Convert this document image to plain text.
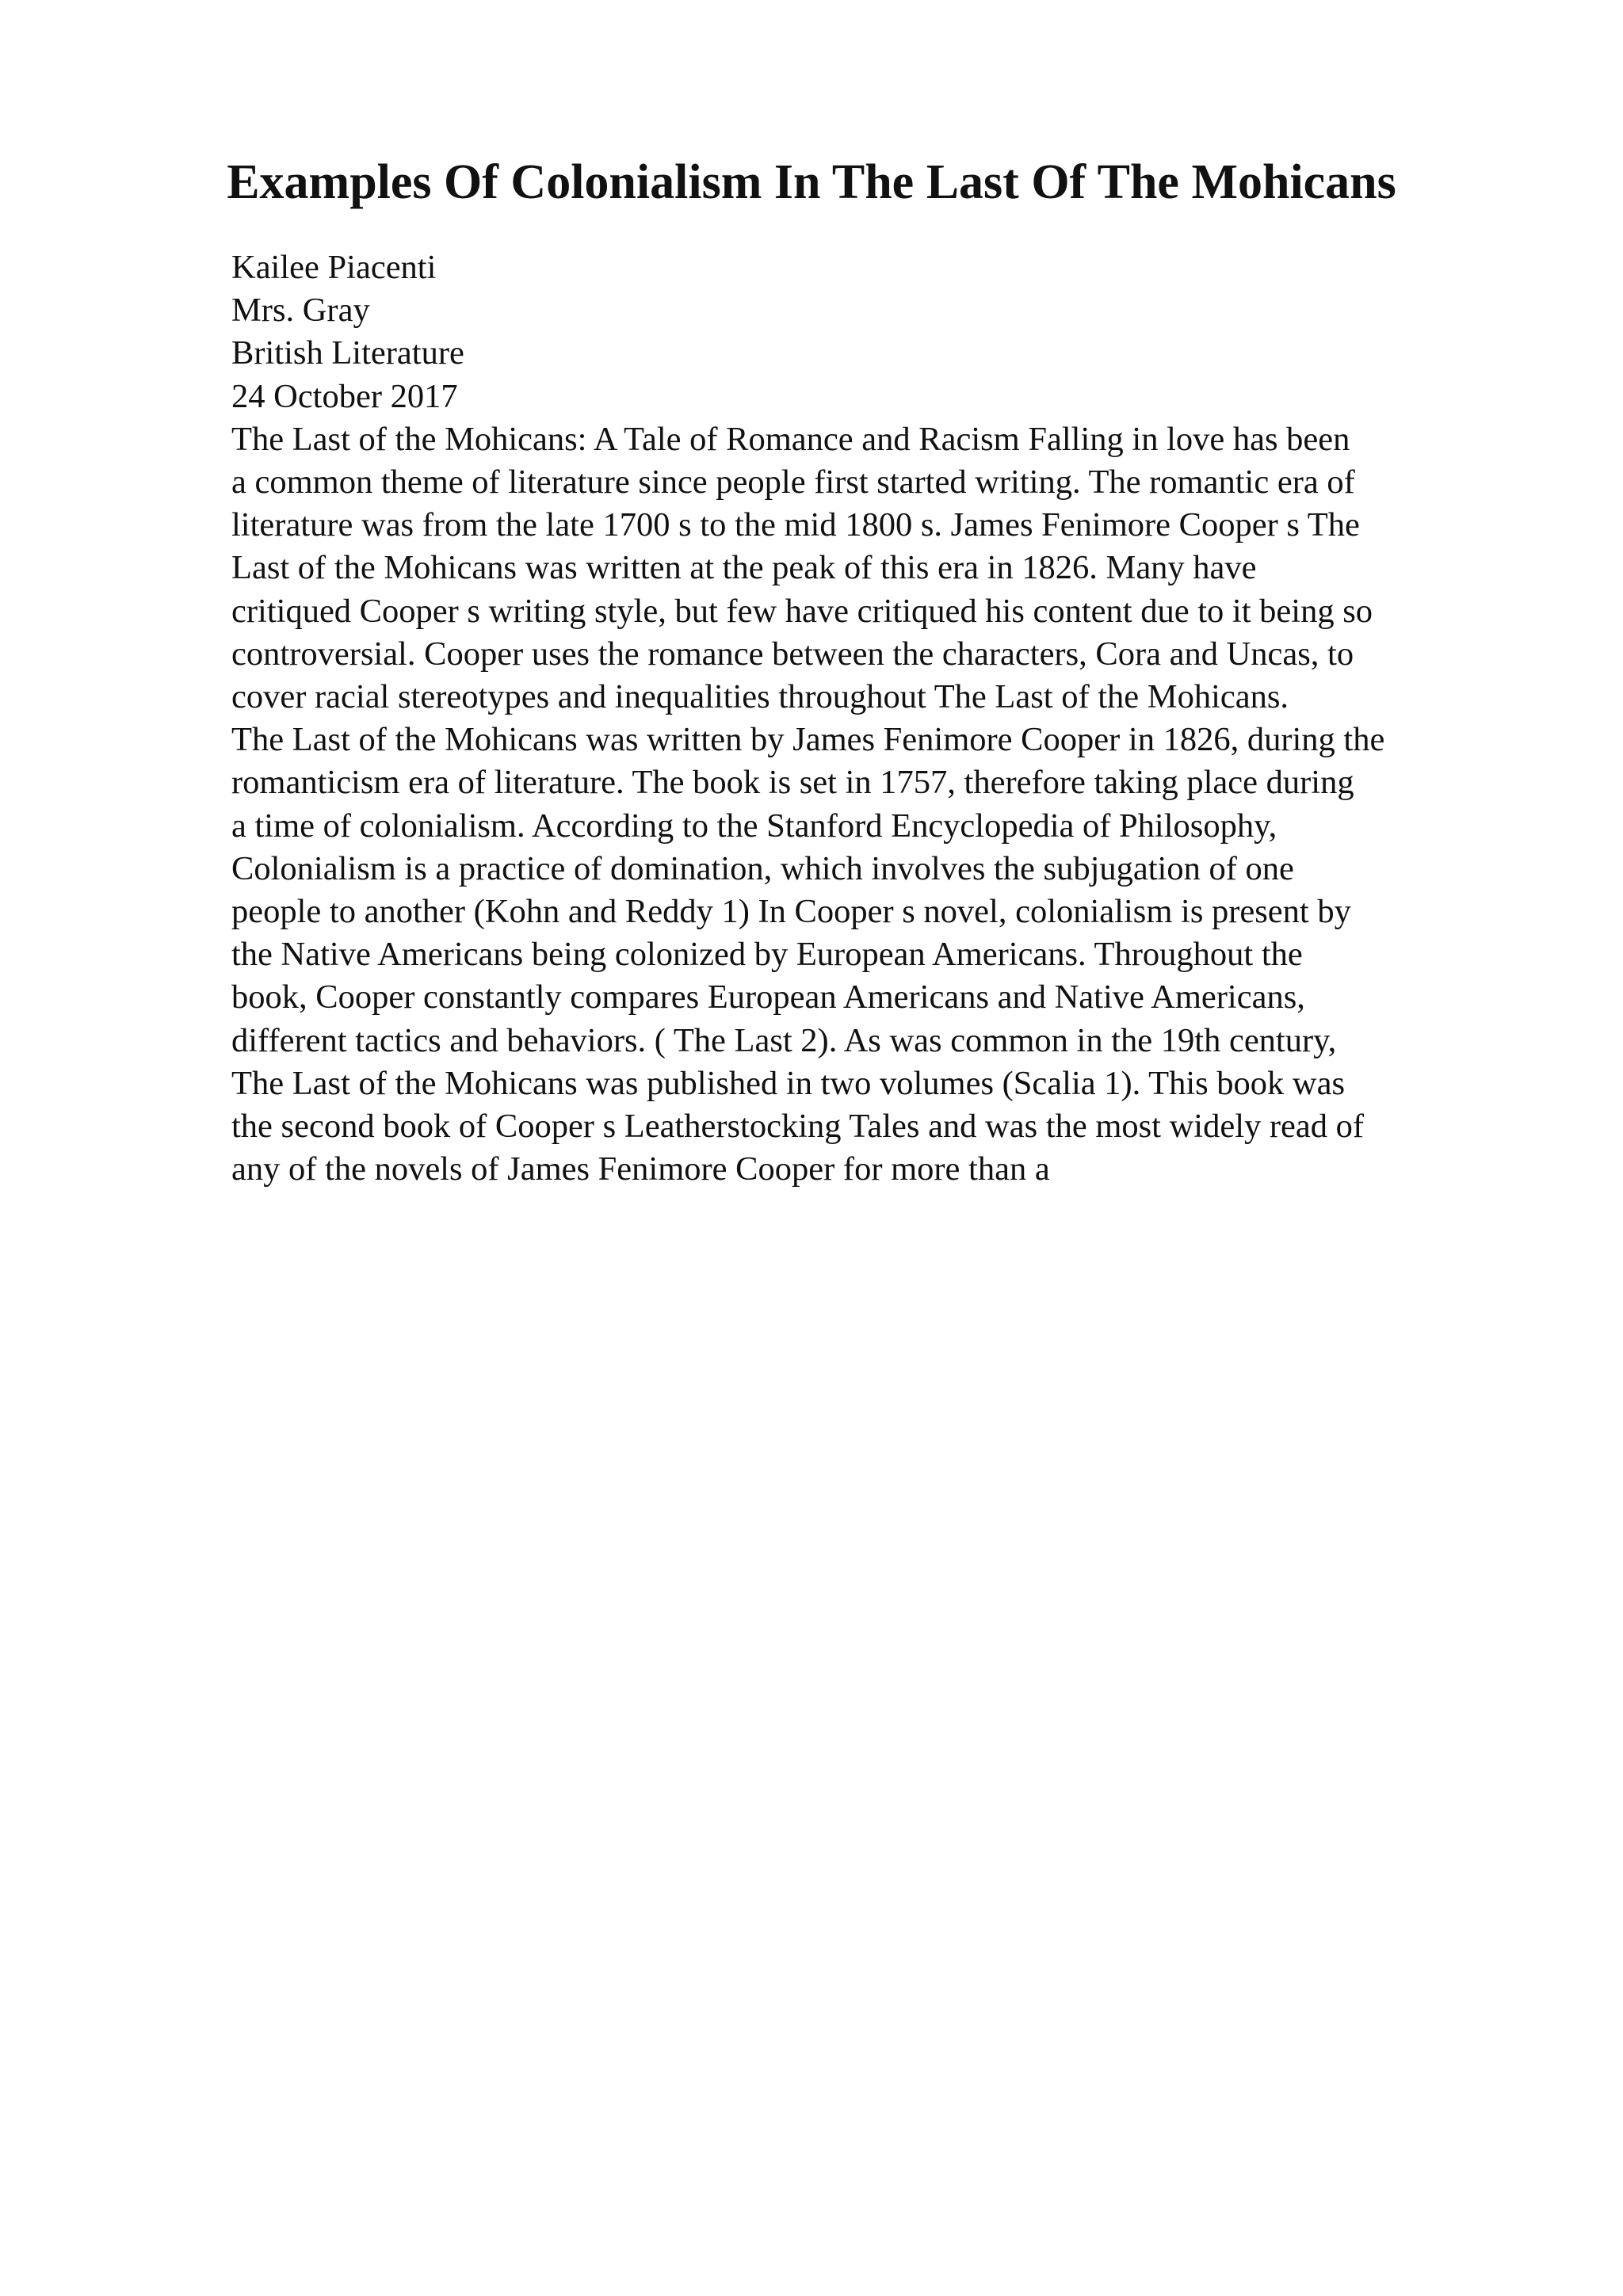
Examples Of Colonialism In The Last Of The Mohicans
Kailee Piacenti
Mrs. Gray
British Literature
24 October 2017
The Last of the Mohicans: A Tale of Romance and Racism Falling in love has been
a common theme of literature since people first started writing. The romantic era of
literature was from the late 1700 s to the mid 1800 s. James Fenimore Cooper s The
Last of the Mohicans was written at the peak of this era in 1826. Many have
critiqued Cooper s writing style, but few have critiqued his content due to it being so
controversial. Cooper uses the romance between the characters, Cora and Uncas, to
cover racial stereotypes and inequalities throughout The Last of the Mohicans.
The Last of the Mohicans was written by James Fenimore Cooper in 1826, during the
romanticism era of literature. The book is set in 1757, therefore taking place during
a time of colonialism. According to the Stanford Encyclopedia of Philosophy,
Colonialism is a practice of domination, which involves the subjugation of one
people to another (Kohn and Reddy 1) In Cooper s novel, colonialism is present by
the Native Americans being colonized by European Americans. Throughout the
book, Cooper constantly compares European Americans and Native Americans,
different tactics and behaviors. ( The Last 2). As was common in the 19th century,
The Last of the Mohicans was published in two volumes (Scalia 1). This book was
the second book of Cooper s Leatherstocking Tales and was the most widely read of
any of the novels of James Fenimore Cooper for more than a
